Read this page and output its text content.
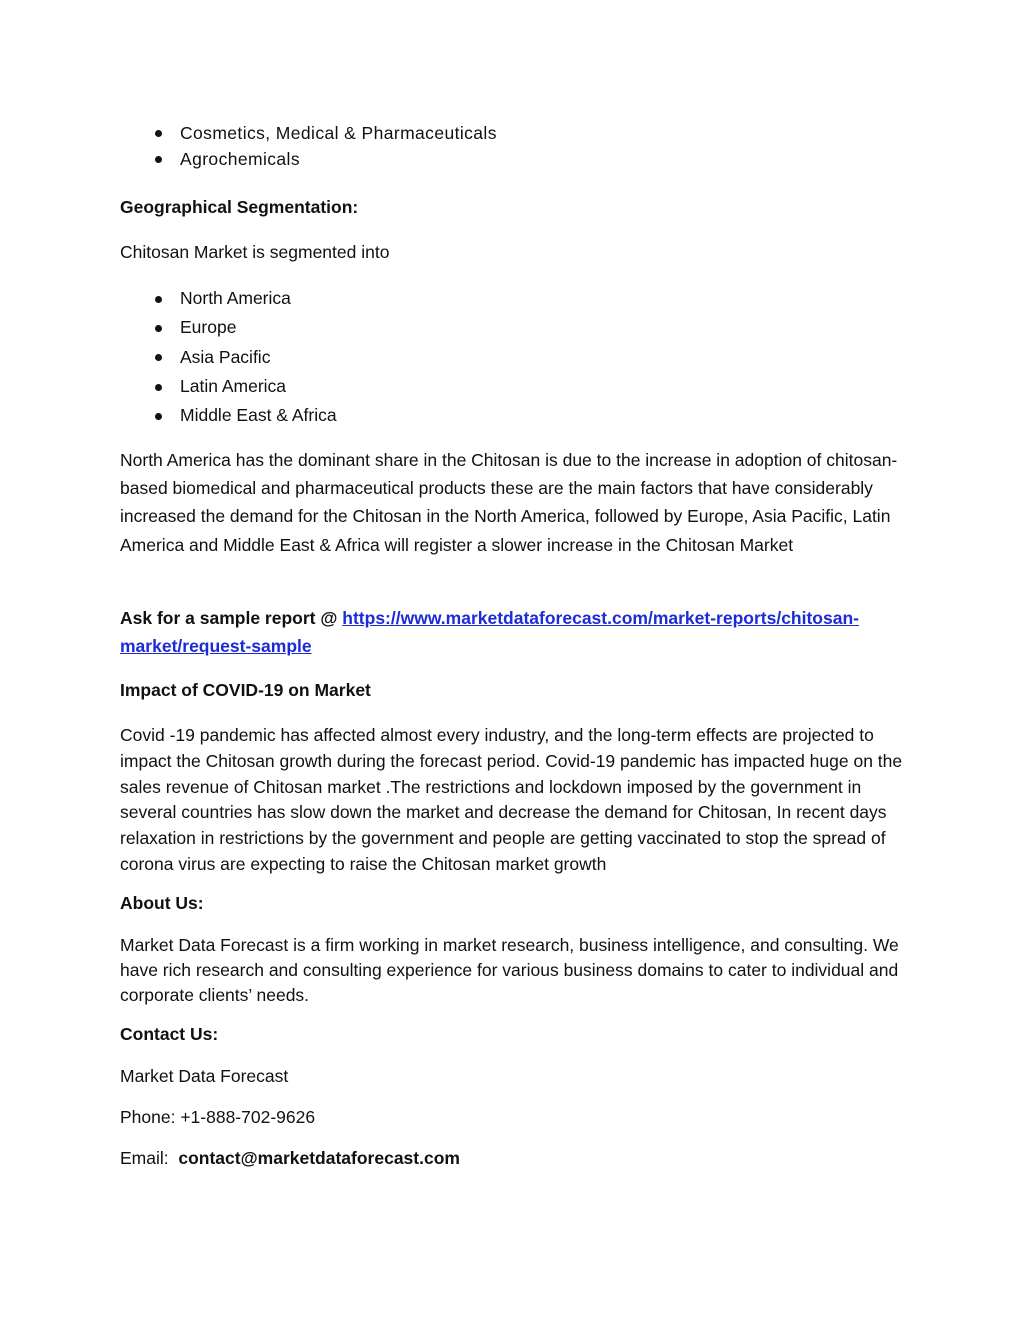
Cosmetics, Medical & Pharmaceuticals
Agrochemicals
Geographical Segmentation:
Chitosan Market is segmented into
North America
Europe
Asia Pacific
Latin America
Middle East & Africa

North America has the dominant share in the Chitosan is due to the increase in adoption of chitosan-based biomedical and pharmaceutical products these are the main factors that have considerably increased the demand for the Chitosan in the North America, followed by Europe, Asia Pacific, Latin America and Middle East & Africa will register a slower increase in the Chitosan Market

Ask for a sample report @ https://www.marketdataforecast.com/market-reports/chitosan-market/request-sample

Impact of COVID-19 on Market

Covid -19 pandemic has affected almost every industry, and the long-term effects are projected to impact the Chitosan growth during the forecast period. Covid-19 pandemic has impacted huge on the sales revenue of Chitosan market .The restrictions and lockdown imposed by the government in several countries has slow down the market and decrease the demand for Chitosan, In recent days relaxation in restrictions by the government and people are getting vaccinated to stop the spread of corona virus are expecting to raise the Chitosan market growth

About Us:

Market Data Forecast is a firm working in market research, business intelligence, and consulting. We have rich research and consulting experience for various business domains to cater to individual and corporate clients’ needs.

Contact Us:
Market Data Forecast
Phone: +1-888-702-9626
Email:  contact@marketdataforecast.com
